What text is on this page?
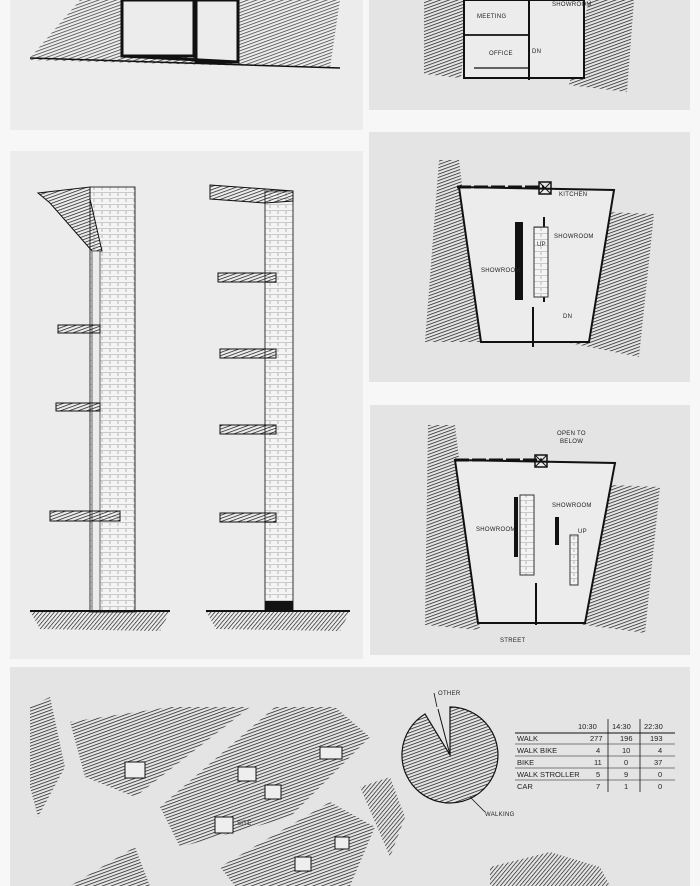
MEETING
OFFICE
SHOWROOM
DN
SHOWROOM
SHOWROOM
KITCHEN
UP
DN
OPEN TO
BELOW
SHOWROOM
SHOWROOM	UP
STREET
SITE
OTHER
WALKING
10:30 14:30 22:30
WALK	277 196 193
WALK BIKE	4	10	4
BIKE	11	0	37
WALK STROLLER 5	9	0
CAR	7	1	0
